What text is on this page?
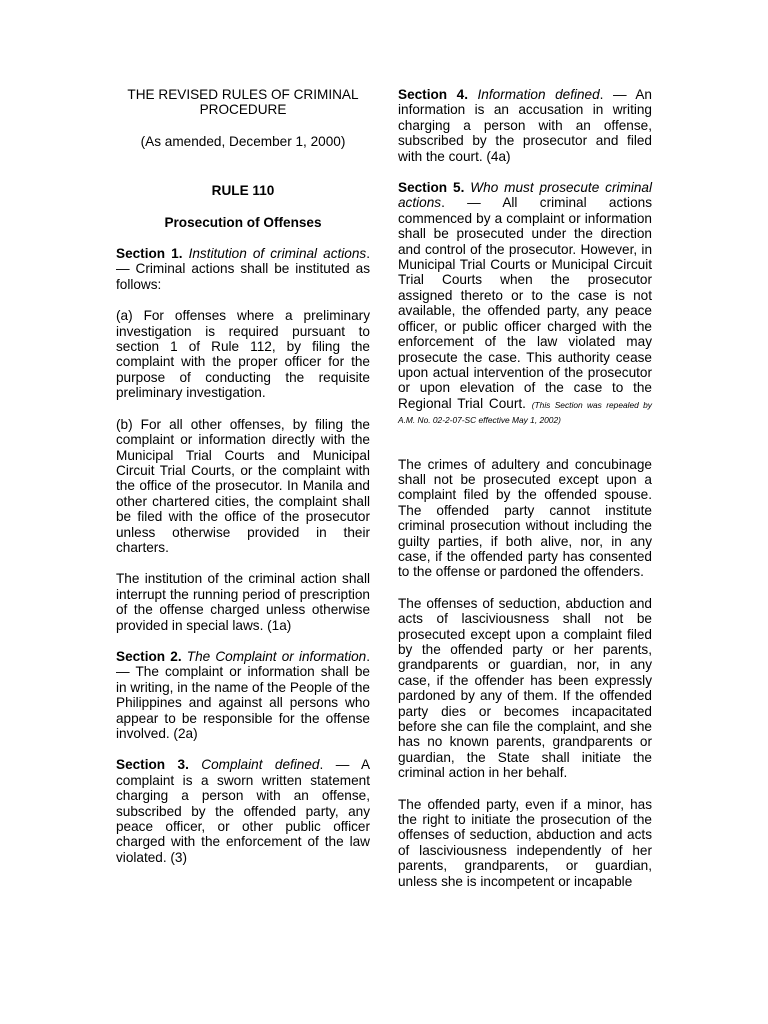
THE REVISED RULES OF CRIMINAL PROCEDURE

(As amended, December 1, 2000)

RULE 110

Prosecution of Offenses

Section 1. Institution of criminal actions. — Criminal actions shall be instituted as follows:

(a) For offenses where a preliminary investigation is required pursuant to section 1 of Rule 112, by filing the complaint with the proper officer for the purpose of conducting the requisite preliminary investigation.

(b) For all other offenses, by filing the complaint or information directly with the Municipal Trial Courts and Municipal Circuit Trial Courts, or the complaint with the office of the prosecutor. In Manila and other chartered cities, the complaint shall be filed with the office of the prosecutor unless otherwise provided in their charters.

The institution of the criminal action shall interrupt the running period of prescription of the offense charged unless otherwise provided in special laws. (1a)

Section 2. The Complaint or information. — The complaint or information shall be in writing, in the name of the People of the Philippines and against all persons who appear to be responsible for the offense involved. (2a)

Section 3. Complaint defined. — A complaint is a sworn written statement charging a person with an offense, subscribed by the offended party, any peace officer, or other public officer charged with the enforcement of the law violated. (3)

Section 4. Information defined. — An information is an accusation in writing charging a person with an offense, subscribed by the prosecutor and filed with the court. (4a)

Section 5. Who must prosecute criminal actions. — All criminal actions commenced by a complaint or information shall be prosecuted under the direction and control of the prosecutor. However, in Municipal Trial Courts or Municipal Circuit Trial Courts when the prosecutor assigned thereto or to the case is not available, the offended party, any peace officer, or public officer charged with the enforcement of the law violated may prosecute the case. This authority cease upon actual intervention of the prosecutor or upon elevation of the case to the Regional Trial Court. (This Section was repealed by A.M. No. 02-2-07-SC effective May 1, 2002)

The crimes of adultery and concubinage shall not be prosecuted except upon a complaint filed by the offended spouse. The offended party cannot institute criminal prosecution without including the guilty parties, if both alive, nor, in any case, if the offended party has consented to the offense or pardoned the offenders.

The offenses of seduction, abduction and acts of lasciviousness shall not be prosecuted except upon a complaint filed by the offended party or her parents, grandparents or guardian, nor, in any case, if the offender has been expressly pardoned by any of them. If the offended party dies or becomes incapacitated before she can file the complaint, and she has no known parents, grandparents or guardian, the State shall initiate the criminal action in her behalf.

The offended party, even if a minor, has the right to initiate the prosecution of the offenses of seduction, abduction and acts of lasciviousness independently of her parents, grandparents, or guardian, unless she is incompetent or incapable
